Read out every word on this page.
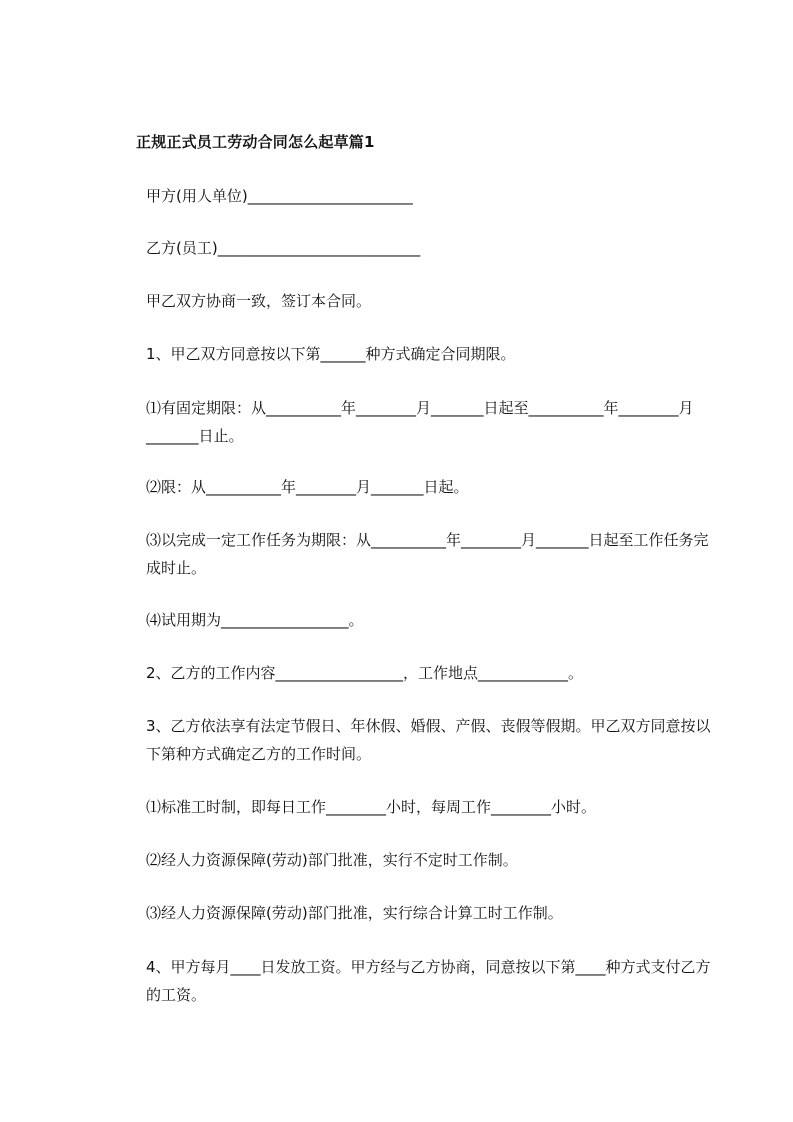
正规正式员工劳动合同怎么起草篇1
甲方(用人单位)______________________
乙方(员工)___________________________
甲乙双方协商一致，签订本合同。
1、甲乙双方同意按以下第______种方式确定合同期限。
⑴有固定期限：从__________年________月_______日起至__________年________月_______日止。
⑵限：从__________年________月_______日起。
⑶以完成一定工作任务为期限：从__________年________月_______日起至工作任务完成时止。
⑷试用期为_________________。
2、乙方的工作内容_________________，工作地点____________。
3、乙方依法享有法定节假日、年休假、婚假、产假、丧假等假期。甲乙双方同意按以下第种方式确定乙方的工作时间。
⑴标准工时制，即每日工作________小时，每周工作________小时。
⑵经人力资源保障(劳动)部门批准，实行不定时工作制。
⑶经人力资源保障(劳动)部门批准，实行综合计算工时工作制。
4、甲方每月____日发放工资。甲方经与乙方协商，同意按以下第____种方式支付乙方的工资。
